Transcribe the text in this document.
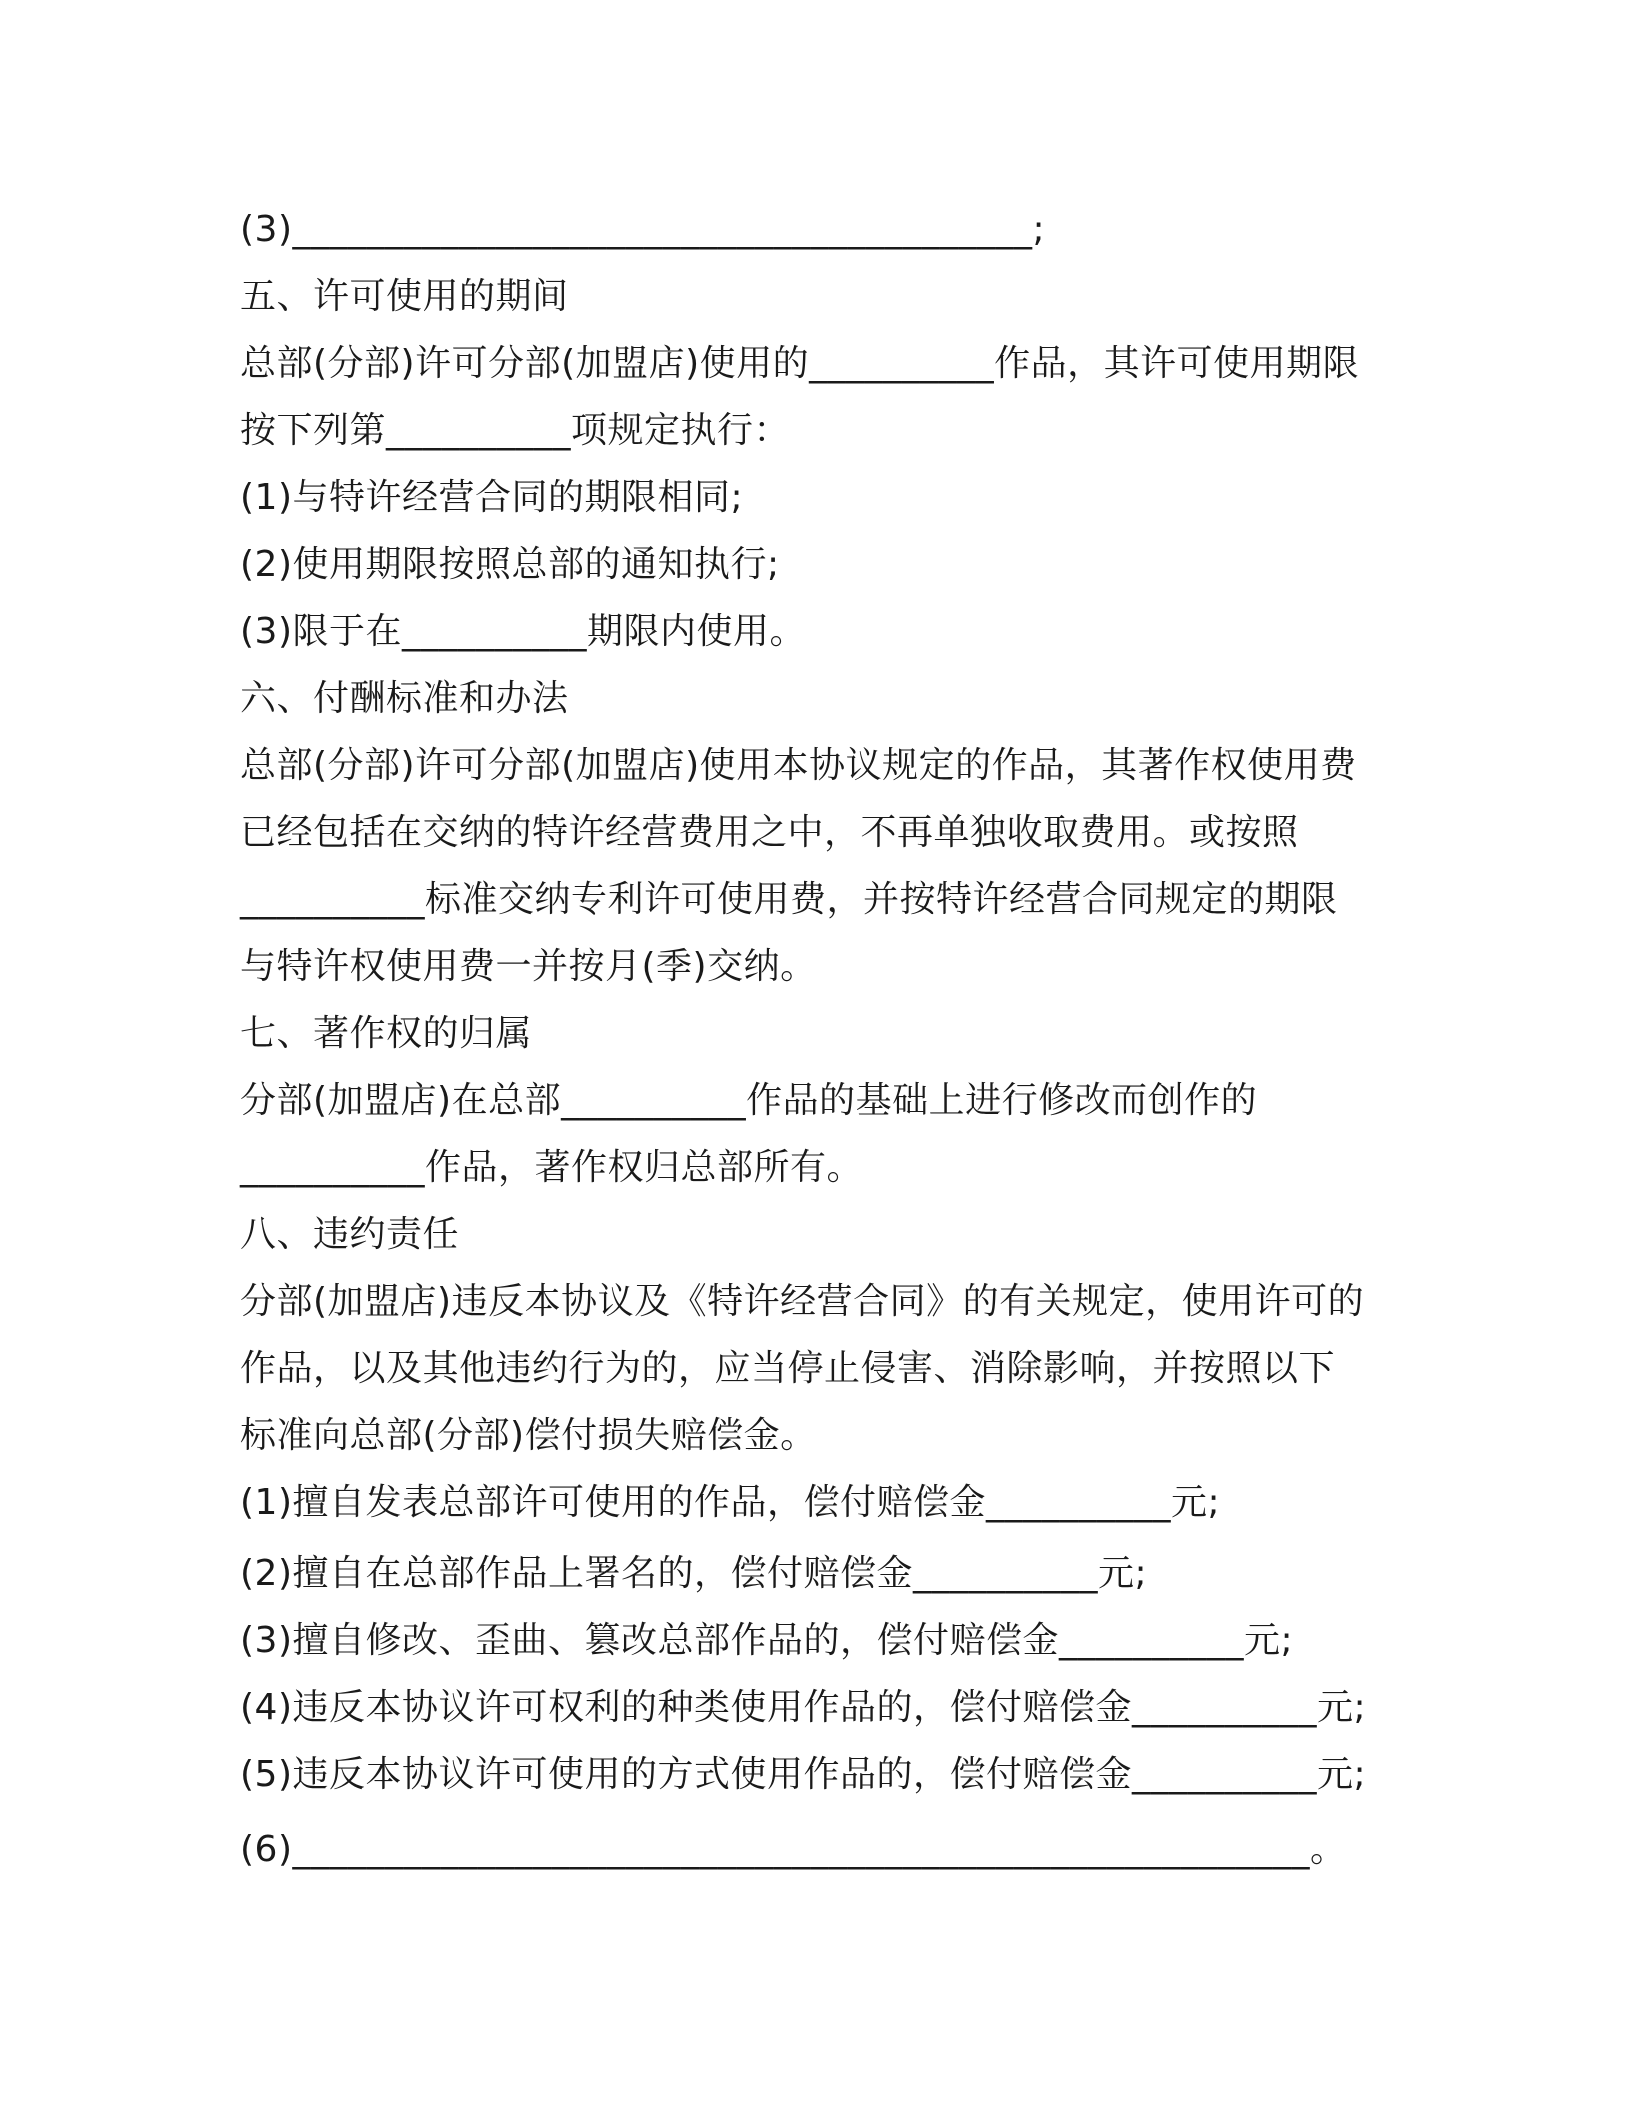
(3)________________________________________;
五、许可使用的期间
总部(分部)许可分部(加盟店)使用的__________作品，其许可使用期限
按下列第__________项规定执行：
(1)与特许经营合同的期限相同;
(2)使用期限按照总部的通知执行;
(3)限于在__________期限内使用。
六、付酬标准和办法
总部(分部)许可分部(加盟店)使用本协议规定的作品，其著作权使用费
已经包括在交纳的特许经营费用之中，不再单独收取费用。或按照
__________标准交纳专利许可使用费，并按特许经营合同规定的期限
与特许权使用费一并按月(季)交纳。
七、著作权的归属
分部(加盟店)在总部__________作品的基础上进行修改而创作的
__________作品，著作权归总部所有。
八、违约责任
分部(加盟店)违反本协议及《特许经营合同》的有关规定，使用许可的
作品，以及其他违约行为的，应当停止侵害、消除影响，并按照以下
标准向总部(分部)偿付损失赔偿金。
(1)擅自发表总部许可使用的作品，偿付赔偿金__________元;
(2)擅自在总部作品上署名的，偿付赔偿金__________元;
(3)擅自修改、歪曲、篡改总部作品的，偿付赔偿金__________元;
(4)违反本协议许可权利的种类使用作品的，偿付赔偿金__________元;
(5)违反本协议许可使用的方式使用作品的，偿付赔偿金__________元;
(6)_______________________________________________________。
